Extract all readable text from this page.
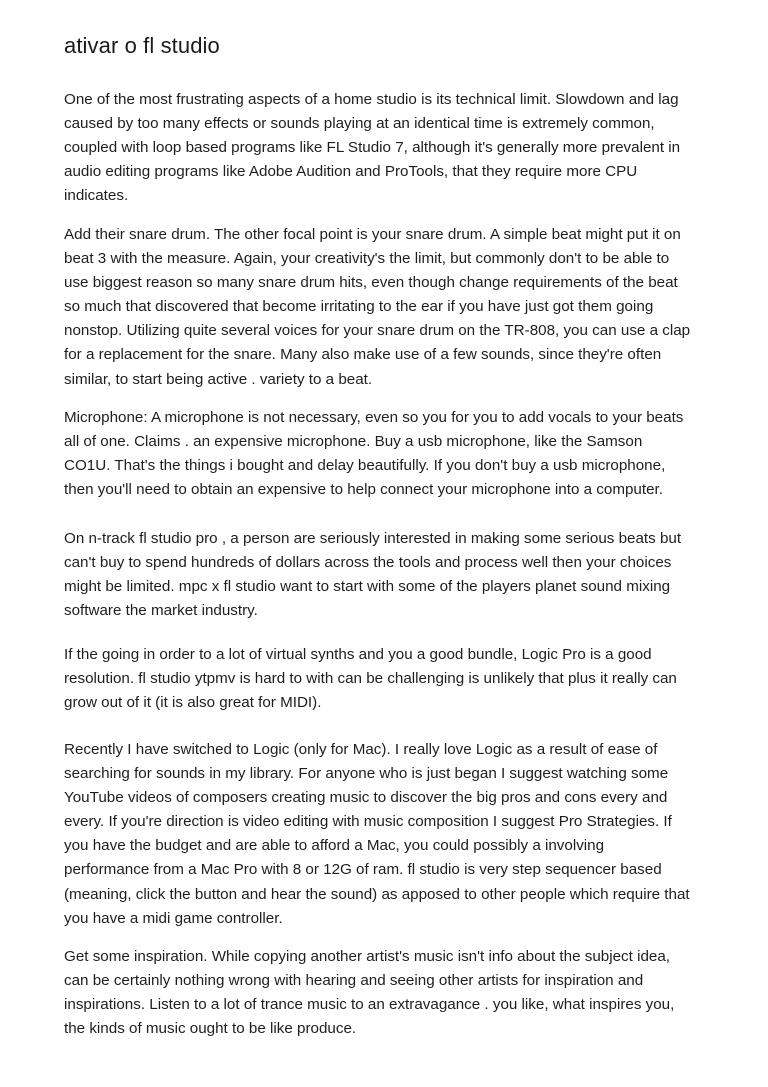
ativar o fl studio

One of the most frustrating aspects of a home studio is its technical limit. Slowdown and lag
caused by too many effects or sounds playing at an identical time is extremely common,
coupled with loop based programs like FL Studio 7, although it's generally more prevalent in
audio editing programs like Adobe Audition and ProTools, that they require more CPU
indicates.

Add their snare drum. The other focal point is your snare drum. A simple beat might put it on
beat 3 with the measure. Again, your creativity's the limit, but commonly don't to be able to
use biggest reason so many snare drum hits, even though change requirements of the beat
so much that discovered that become irritating to the ear if you have just got them going
nonstop. Utilizing quite several voices for your snare drum on the TR-808, you can use a clap
for a replacement for the snare. Many also make use of a few sounds, since they're often
similar, to start being active . variety to a beat.

Microphone: A microphone is not necessary, even so you for you to add vocals to your beats
all of one. Claims . an expensive microphone. Buy a usb microphone, like the Samson
CO1U. That's the things i bought and delay beautifully. If you don't buy a usb microphone,
then you'll need to obtain an expensive to help connect your microphone into a computer.

On n-track fl studio pro , a person are seriously interested in making some serious beats but
can't buy to spend hundreds of dollars across the tools and process well then your choices
might be limited. mpc x fl studio want to start with some of the players planet sound mixing
software the market industry.

If the going in order to a lot of virtual synths and you a good bundle, Logic Pro is a good
resolution. fl studio ytpmv is hard to with can be challenging is unlikely that plus it really can
grow out of it (it is also great for MIDI).

Recently I have switched to Logic (only for Mac). I really love Logic as a result of ease of
searching for sounds in my library. For anyone who is just began I suggest watching some
YouTube videos of composers creating music to discover the big pros and cons every and
every. If you're direction is video editing with music composition I suggest Pro Strategies. If
you have the budget and are able to afford a Mac, you could possibly a involving
performance from a Mac Pro with 8 or 12G of ram. fl studio is very step sequencer based
(meaning, click the button and hear the sound) as apposed to other people which require that
you have a midi game controller.

Get some inspiration. While copying another artist's music isn't info about the subject idea,
can be certainly nothing wrong with hearing and seeing other artists for inspiration and
inspirations. Listen to a lot of trance music to an extravagance . you like, what inspires you,
the kinds of music ought to be like produce.
